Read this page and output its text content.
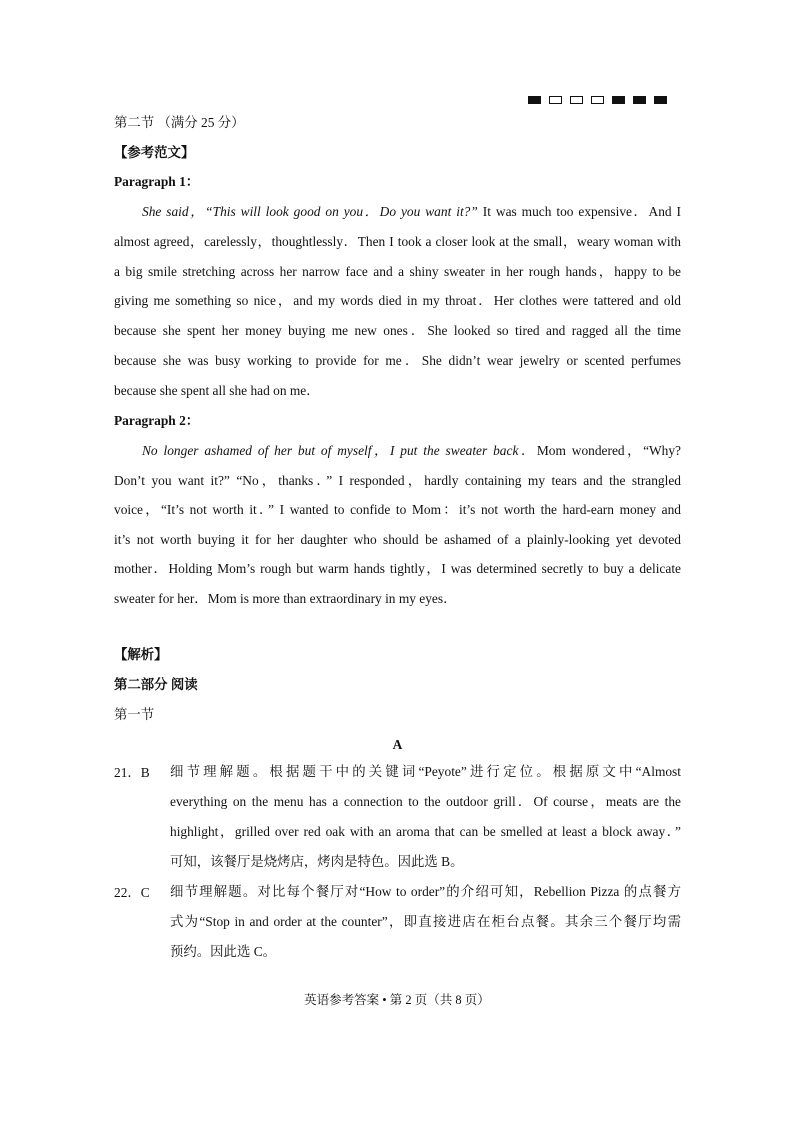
第二节 （满分 25 分）
【参考范文】
Paragraph 1：
She said，“This will look good on you．Do you want it?” It was much too expensive．And I
almost agreed，carelessly，thoughtlessly．Then I took a closer look at the small，weary woman with
a big smile stretching across her narrow face and a shiny sweater in her rough hands，happy to be
giving me something so nice，and my words died in my throat．Her clothes were tattered and old
because she spent her money buying me new ones．She looked so tired and ragged all the time
because she was busy working to provide for me．She didn’t wear jewelry or scented perfumes
because she spent all she had on me．
Paragraph 2：
No longer ashamed of her but of myself，I put the sweater back．Mom wondered，“Why?
Don’t you want it?” “No，thanks．” I responded，hardly containing my tears and the strangled
voice，“It’s not worth it．” I wanted to confide to Mom：it’s not worth the hard-earn money and
it’s not worth buying it for her daughter who should be ashamed of a plainly-looking yet devoted
mother．Holding Mom’s rough but warm hands tightly，I was determined secretly to buy a delicate
sweater for her．Mom is more than extraordinary in my eyes．
【解析】
第二部分 阅读
第一节
A
21．B	细节理解题。根据题干中的关键词“Peyote”进行定位。根据原文中“Almost
everything on the menu has a connection to the outdoor grill．Of course，meats are the
highlight，grilled over red oak with an aroma that can be smelled at least a block away．”
可知，该餐厅是烧烤店，烤肉是特色。因此选 B。
22．C	细节理解题。对比每个餐厅对“How to order”的介绍可知，Rebellion Pizza 的点餐方
式为“Stop in and order at the counter”，即直接进店在柜台点餐。其余三个餐厅均需
预约。因此选 C。
英语参考答案 • 第 2 页（共 8 页）
